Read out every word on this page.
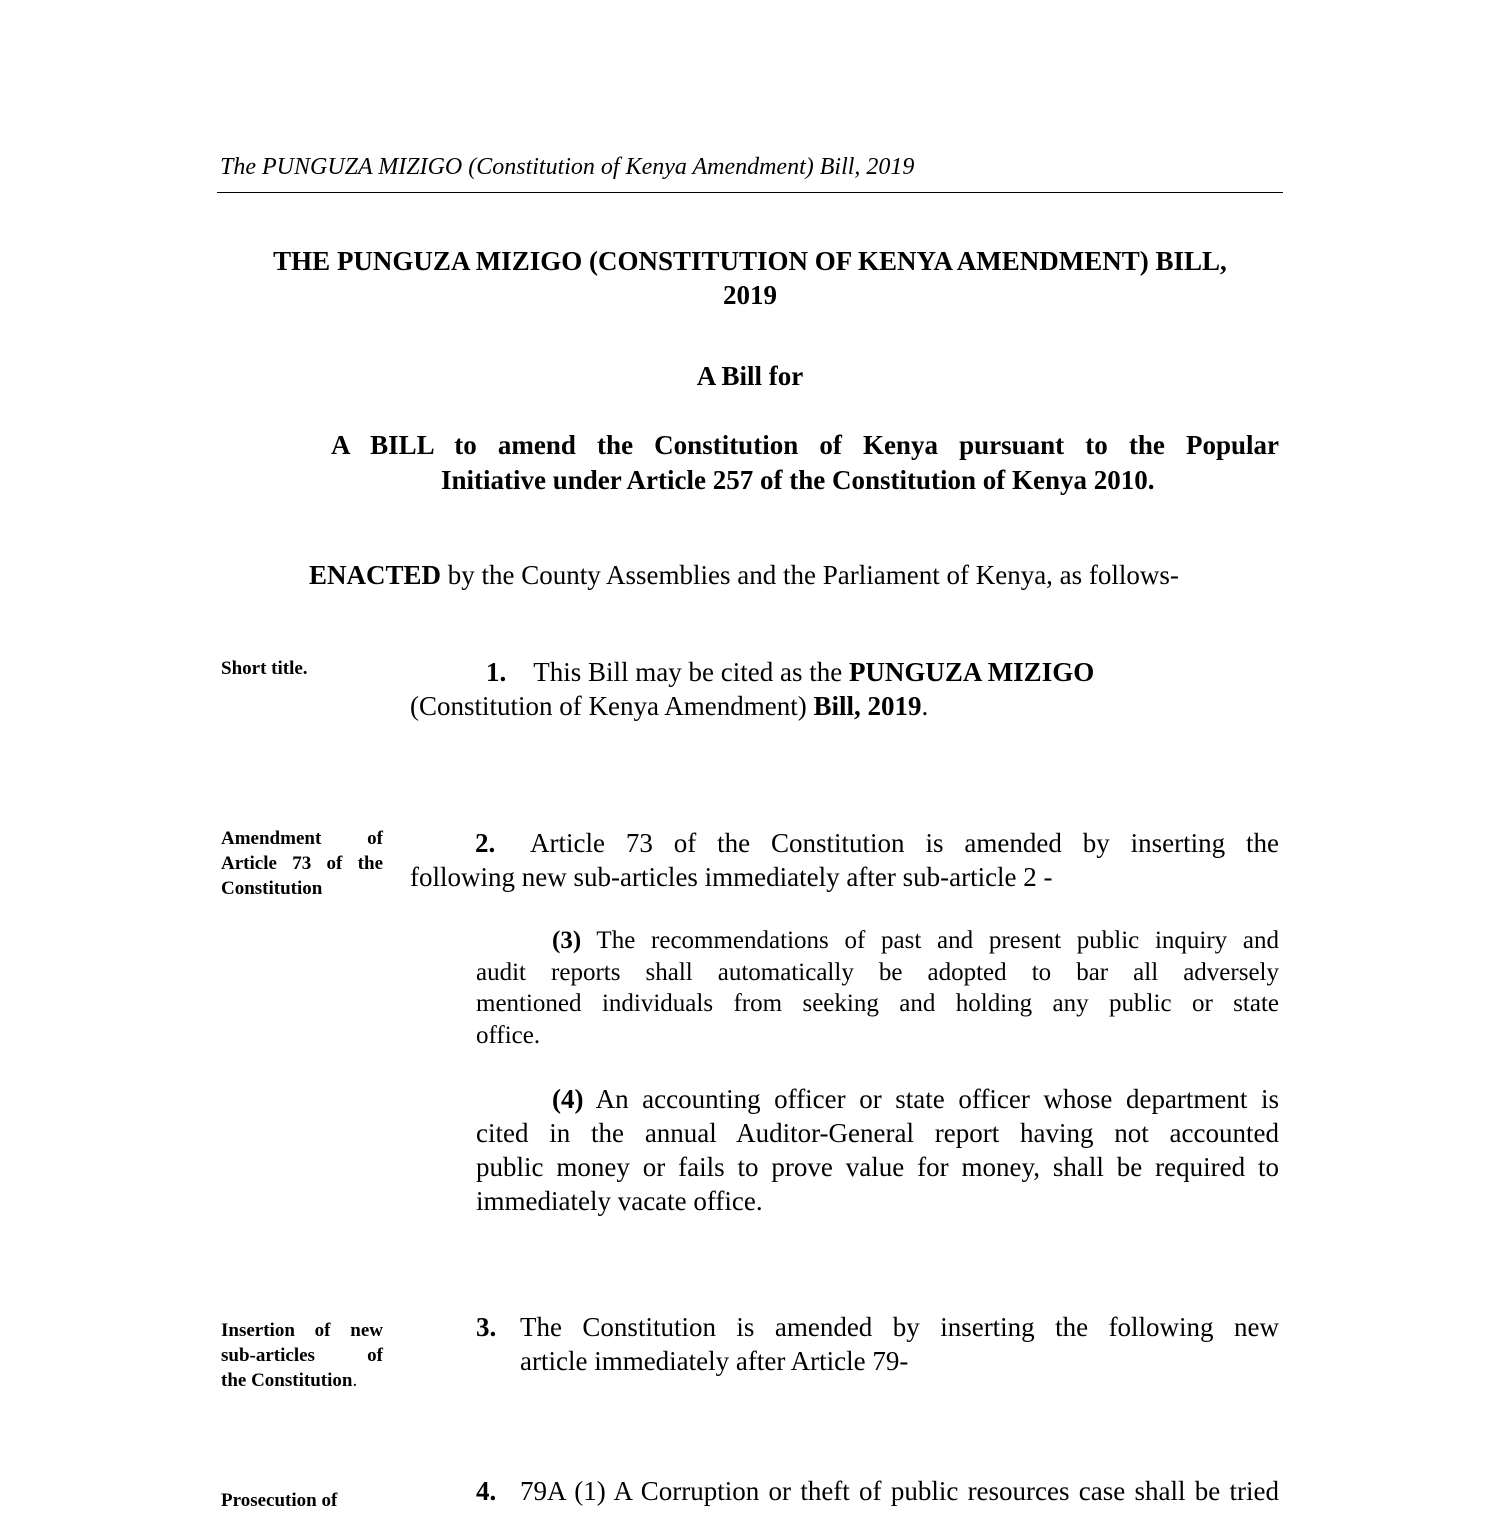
The PUNGUZA MIZIGO (Constitution of Kenya Amendment) Bill, 2019
THE PUNGUZA MIZIGO (CONSTITUTION OF KENYA AMENDMENT) BILL,
2019
A Bill for
A BILL to amend the Constitution of Kenya pursuant to the Popular
Initiative under Article 257 of the Constitution of Kenya 2010.
ENACTED by the County Assemblies and the Parliament of Kenya, as follows-
Short title.	1. This Bill may be cited as the PUNGUZA MIZIGO
(Constitution of Kenya Amendment) Bill, 2019.
Amendment of
Article 73 of the
Constitution
2.	Article 73 of the Constitution is amended by inserting the
following new sub-articles immediately after sub-article 2 -
(3) The recommendations of past and present public inquiry and
audit reports shall automatically be adopted to bar all adversely
mentioned individuals from seeking and holding any public or state
office.
(4) An accounting officer or state officer whose department is
cited in the annual Auditor-General report having not accounted
public money or fails to prove value for money, shall be required to
immediately vacate office.
Insertion of new
sub-articles of
the Constitution.
3. The Constitution is amended by inserting the following new
article immediately after Article 79-
Prosecution of	4. 79A (1) A Corruption or theft of public resources case shall be tried
